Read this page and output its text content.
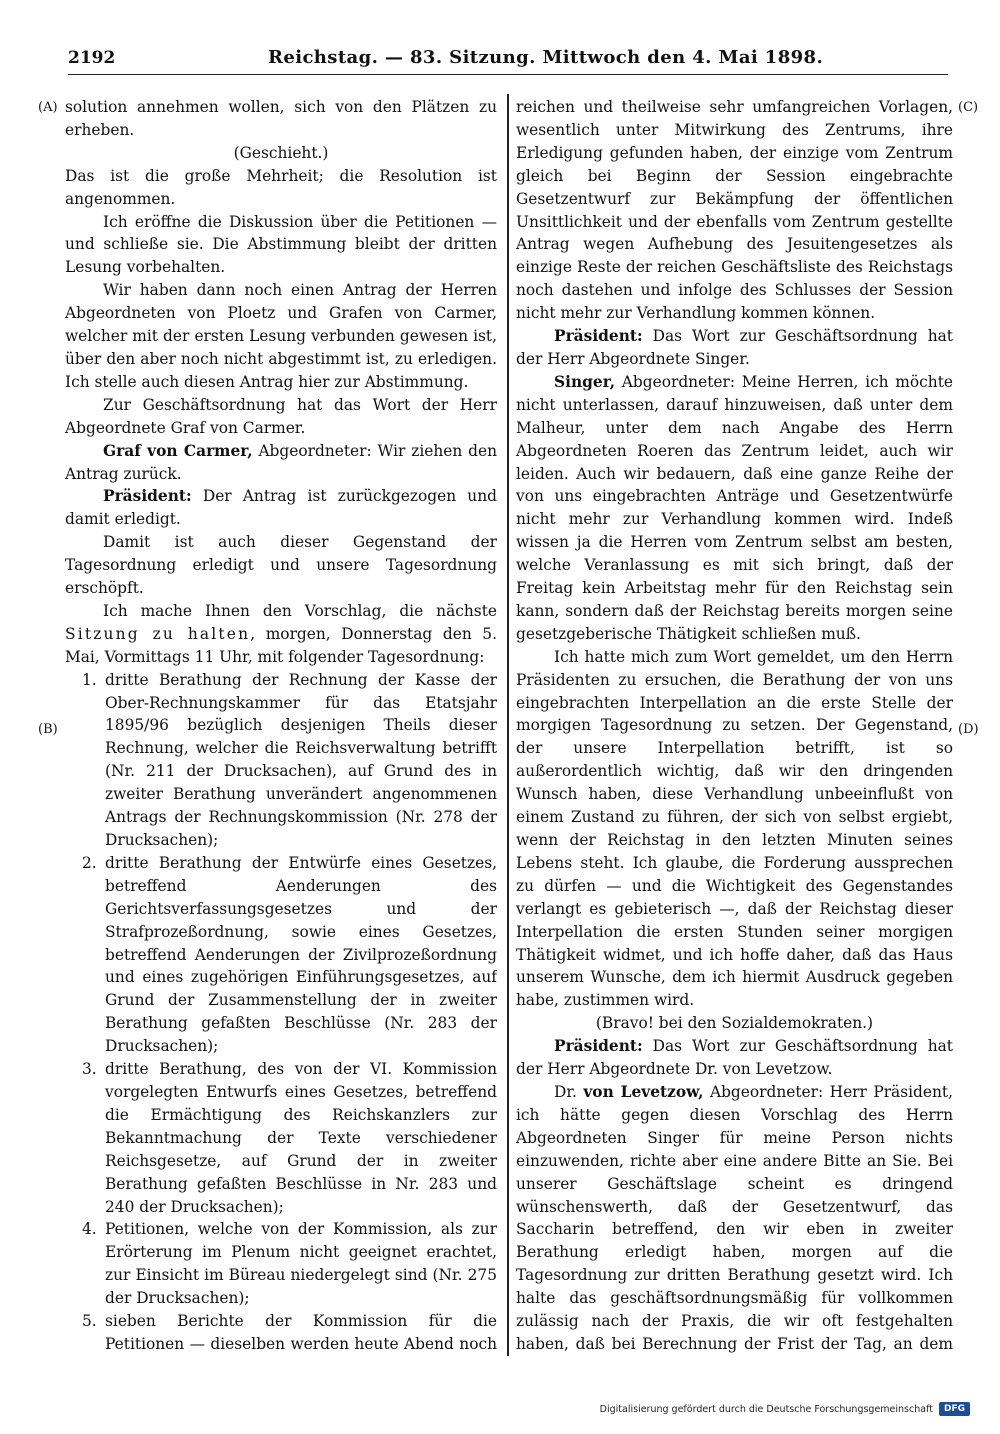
2192	Reichstag. — 83. Sitzung. Mittwoch den 4. Mai 1898.
(A)
(B)
(C)
(D)

solution annehmen wollen, sich von den Plätzen zu erheben.

(Geschieht.)

Das ist die große Mehrheit; die Resolution ist angenommen.

Ich eröffne die Diskussion über die Petitionen — und schließe sie. Die Abstimmung bleibt der dritten Lesung vorbehalten.

Wir haben dann noch einen Antrag der Herren Abgeordneten von Ploetz und Grafen von Carmer, welcher mit der ersten Lesung verbunden gewesen ist, über den aber noch nicht abgestimmt ist, zu erledigen. Ich stelle auch diesen Antrag hier zur Abstimmung.

Zur Geschäftsordnung hat das Wort der Herr Abgeordnete Graf von Carmer.

Graf von Carmer, Abgeordneter: Wir ziehen den Antrag zurück.

Präsident: Der Antrag ist zurückgezogen und damit erledigt.

Damit ist auch dieser Gegenstand der Tagesordnung erledigt und unsere Tagesordnung erschöpft.

Ich mache Ihnen den Vorschlag, die nächste Sitzung zu halten, morgen, Donnerstag den 5. Mai, Vormittags 11 Uhr, mit folgender Tagesordnung:

1. dritte Berathung der Rechnung der Kasse der Ober-Rechnungskammer für das Etatsjahr 1895/96 bezüglich desjenigen Theils dieser Rechnung, welcher die Reichsverwaltung betrifft (Nr. 211 der Drucksachen), auf Grund des in zweiter Berathung unverändert angenommenen Antrags der Rechnungskommission (Nr. 278 der Drucksachen);
2. dritte Berathung der Entwürfe eines Gesetzes, betreffend Aenderungen des Gerichtsverfassungsgesetzes und der Strafprozeßordnung, sowie eines Gesetzes, betreffend Aenderungen der Zivilprozeßordnung und eines zugehörigen Einführungsgesetzes, auf Grund der Zusammenstellung der in zweiter Berathung gefaßten Beschlüsse (Nr. 283 der Drucksachen);
3. dritte Berathung, des von der VI. Kommission vorgelegten Entwurfs eines Gesetzes, betreffend die Ermächtigung des Reichskanzlers zur Bekanntmachung der Texte verschiedener Reichsgesetze, auf Grund der in zweiter Berathung gefaßten Beschlüsse in Nr. 283 und 240 der Drucksachen);
4. Petitionen, welche von der Kommission, als zur Erörterung im Plenum nicht geeignet erachtet, zur Einsicht im Büreau niedergelegt sind (Nr. 275 der Drucksachen);
5. sieben Berichte der Kommission für die Petitionen — dieselben werden heute Abend noch

reichen und theilweise sehr umfangreichen Vorlagen, wesentlich unter Mitwirkung des Zentrums, ihre Erledigung gefunden haben, der einzige vom Zentrum gleich bei Beginn der Session eingebrachte Gesetzentwurf zur Bekämpfung der öffentlichen Unsittlichkeit und der ebenfalls vom Zentrum gestellte Antrag wegen Aufhebung des Jesuitengesetzes als einzige Reste der reichen Geschäftsliste des Reichstags noch dastehen und infolge des Schlusses der Session nicht mehr zur Verhandlung kommen können.

Präsident: Das Wort zur Geschäftsordnung hat der Herr Abgeordnete Singer.

Singer, Abgeordneter: Meine Herren, ich möchte nicht unterlassen, darauf hinzuweisen, daß unter dem Malheur, unter dem nach Angabe des Herrn Abgeordneten Roeren das Zentrum leidet, auch wir leiden. Auch wir bedauern, daß eine ganze Reihe der von uns eingebrachten Anträge und Gesetzentwürfe nicht mehr zur Verhandlung kommen wird. Indeß wissen ja die Herren vom Zentrum selbst am besten, welche Veranlassung es mit sich bringt, daß der Freitag kein Arbeitstag mehr für den Reichstag sein kann, sondern daß der Reichstag bereits morgen seine gesetzgeberische Thätigkeit schließen muß.

Ich hatte mich zum Wort gemeldet, um den Herrn Präsidenten zu ersuchen, die Berathung der von uns eingebrachten Interpellation an die erste Stelle der morgigen Tagesordnung zu setzen. Der Gegenstand, der unsere Interpellation betrifft, ist so außerordentlich wichtig, daß wir den dringenden Wunsch haben, diese Verhandlung unbeeinflußt von einem Zustand zu führen, der sich von selbst ergiebt, wenn der Reichstag in den letzten Minuten seines Lebens steht. Ich glaube, die Forderung aussprechen zu dürfen — und die Wichtigkeit des Gegenstandes verlangt es gebieterisch —, daß der Reichstag dieser Interpellation die ersten Stunden seiner morgigen Thätigkeit widmet, und ich hoffe daher, daß das Haus unserem Wunsche, dem ich hiermit Ausdruck gegeben habe, zustimmen wird.

(Bravo! bei den Sozialdemokraten.)

Präsident: Das Wort zur Geschäftsordnung hat der Herr Abgeordnete Dr. von Levetzow.

Dr. von Levetzow, Abgeordneter: Herr Präsident, ich hätte gegen diesen Vorschlag des Herrn Abgeordneten Singer für meine Person nichts einzuwenden, richte aber eine andere Bitte an Sie. Bei unserer Geschäftslage scheint es dringend wünschenswerth, daß der Gesetzentwurf, das Saccharin betreffend, den wir eben in zweiter Berathung erledigt haben, morgen auf die Tagesordnung zur dritten Berathung gesetzt wird. Ich halte das geschäftsordnungsmäßig für vollkommen zulässig nach der Praxis, die wir oft festgehalten haben, daß bei Berechnung der Frist der Tag, an dem

Digitalisierung gefördert durch die Deutsche Forschungsgemeinschaft	DFG
